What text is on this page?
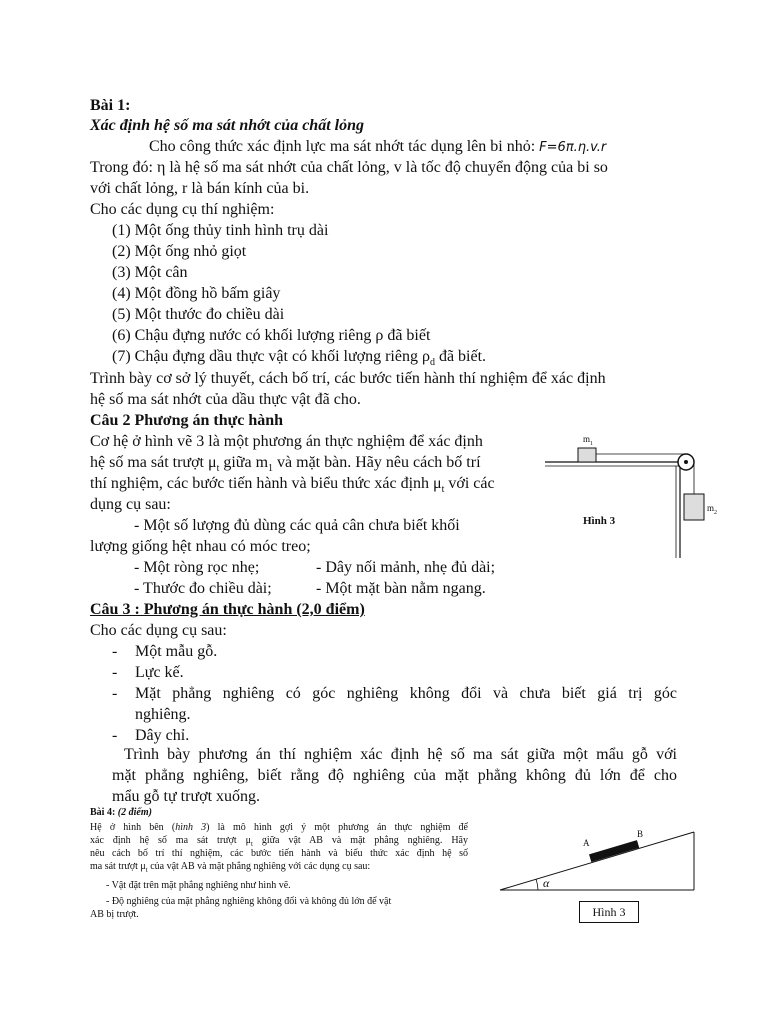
Bài 1:
Xác định hệ số ma sát nhớt của chất lỏng
Cho công thức xác định lực ma sát nhớt tác dụng lên bi nhỏ: F=6π.η.v.r
Trong đó: η là hệ số ma sát nhớt của chất lỏng, v là tốc độ chuyển động của bi so
với chất lỏng, r là bán kính của bi.
Cho các dụng cụ thí nghiệm:
(1) Một ống thủy tinh hình trụ dài
(2) Một ống nhỏ giọt
(3) Một cân
(4) Một đồng hồ bấm giây
(5) Một thước đo chiều dài
(6) Chậu đựng nước có khối lượng riêng ρ đã biết
(7) Chậu đựng dầu thực vật có khối lượng riêng $\rho_d$ đã biết.
Trình bày cơ sở lý thuyết, cách bố trí, các bước tiến hành thí nghiệm để xác định
hệ số ma sát nhớt của dầu thực vật đã cho.
Câu 2 Phương án thực hành
Cơ hệ ở hình vẽ 3 là một phương án thực nghiệm để xác định
hệ số ma sát trượt $\mu_t$ giữa $m_1$ và mặt bàn. Hãy nêu cách bố trí
thí nghiệm, các bước tiến hành và biểu thức xác định $\mu_t$ với các
dụng cụ sau:
- Một số lượng đủ dùng các quả cân chưa biết khối
lượng giống hệt nhau có móc treo;
- Một ròng rọc nhẹ;	- Dây nối mảnh, nhẹ đủ dài;
- Thước đo chiều dài;	- Một mặt bàn nằm ngang.
$m_1$
$m_2$
Hình 3
Câu 3 : Phương án thực hành (2,0 điểm)
Cho các dụng cụ sau:
- Một mẫu gỗ.
- Lực kế.
- Mặt phẳng nghiêng có góc nghiêng không đổi và chưa biết giá trị góc
nghiêng.
- Dây chỉ.
Trình bày phương án thí nghiệm xác định hệ số ma sát giữa một mẩu gỗ với
mặt phẳng nghiêng, biết rằng độ nghiêng của mặt phẳng không đủ lớn để cho
mẩu gỗ tự trượt xuống.
Bài 4: (2 điểm)
Hệ ở hình bên (hình 3) là mô hình gợi ý một phương án thực nghiệm để
xác định hệ số ma sát trượt $\mu_t$ giữa vật AB và mặt phẳng nghiêng. Hãy
nêu cách bố trí thí nghiệm, các bước tiến hành và biểu thức xác định hệ số
ma sát trượt $\mu_t$ của vật AB và mặt phẳng nghiêng với các dụng cụ sau:
- Vật đặt trên mặt phẳng nghiêng như hình vẽ.
- Độ nghiêng của mặt phẳng nghiêng không đổi và không đủ lớn để vật
AB bị trượt.
A
B
α
Hình 3
